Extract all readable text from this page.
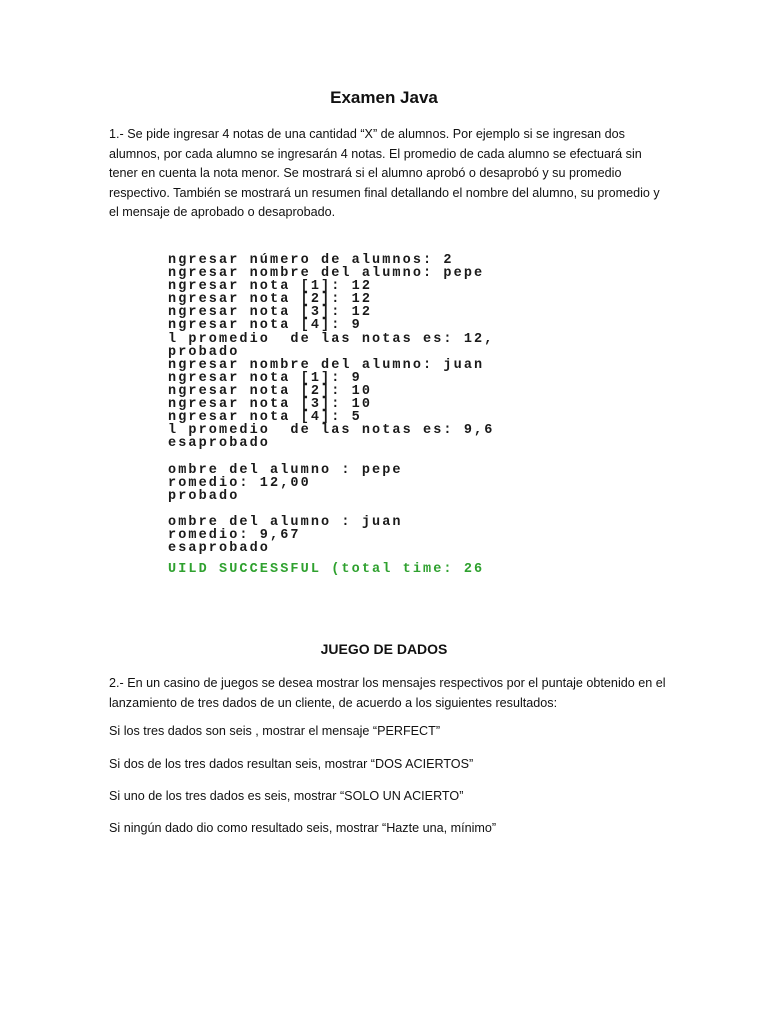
Examen Java
1.- Se pide ingresar 4 notas de una cantidad “X” de alumnos. Por ejemplo si se ingresan dos alumnos, por cada alumno se ingresarán 4 notas. El promedio de cada alumno se efectuará sin tener en cuenta la nota menor. Se mostrará si el alumno aprobó o desaprobó y su promedio respectivo. También se mostrará un resumen final detallando el nombre del alumno, su promedio y el mensaje de aprobado o desaprobado.
ngresar número de alumnos: 2
ngresar nombre del alumno: pepe
ngresar nota [1]: 12
ngresar nota [2]: 12
ngresar nota [3]: 12
ngresar nota [4]: 9
l promedio  de las notas es: 12,
probado
ngresar nombre del alumno: juan
ngresar nota [1]: 9
ngresar nota [2]: 10
ngresar nota [3]: 10
ngresar nota [4]: 5
l promedio  de las notas es: 9,6
esaprobado
ombre del alumno : pepe
romedio: 12,00
probado
ombre del alumno : juan
romedio: 9,67
esaprobado
UILD SUCCESSFUL (total time: 26
JUEGO DE DADOS
2.- En un casino de juegos se desea mostrar los mensajes respectivos por el puntaje obtenido en el lanzamiento de tres dados de un cliente, de acuerdo a los siguientes resultados:
Si los tres dados son seis , mostrar el mensaje “PERFECT”
Si dos de los tres dados resultan seis, mostrar “DOS ACIERTOS”
Si uno de los tres dados es seis, mostrar “SOLO UN ACIERTO”
Si ningún dado dio como resultado seis, mostrar “Hazte una, mínimo”
